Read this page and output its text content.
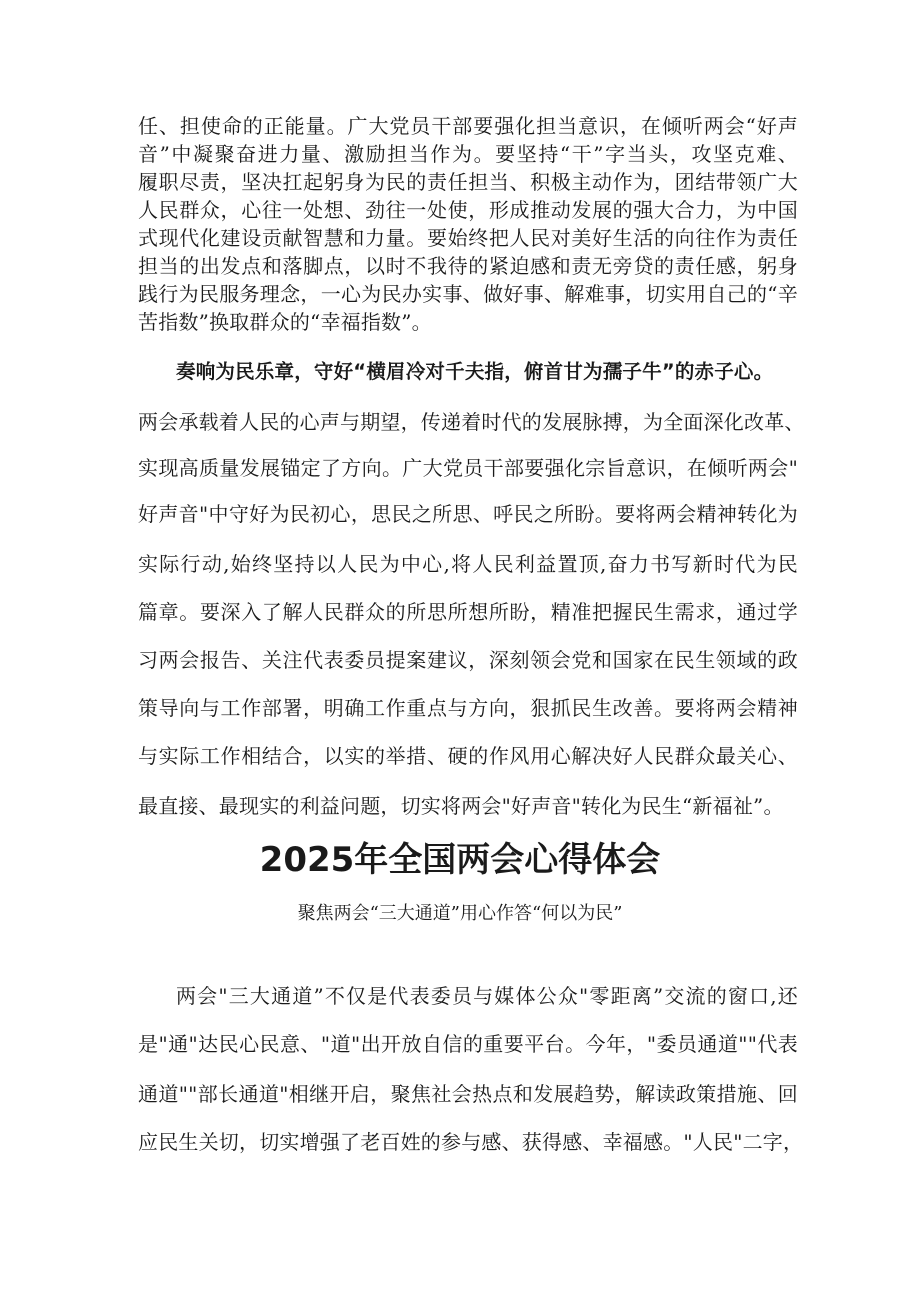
任、担使命的正能量。广大党员干部要强化担当意识，在倾听两会“好声
音”中凝聚奋进力量、激励担当作为。要坚持“干”字当头，攻坚克难、
履职尽责，坚决扛起躬身为民的责任担当、积极主动作为，团结带领广大
人民群众，心往一处想、劲往一处使，形成推动发展的强大合力，为中国
式现代化建设贡献智慧和力量。要始终把人民对美好生活的向往作为责任
担当的出发点和落脚点，以时不我待的紧迫感和责无旁贷的责任感，躬身
践行为民服务理念，一心为民办实事、做好事、解难事，切实用自己的“辛
苦指数”换取群众的“幸福指数”。
奏响为民乐章，守好“横眉冷对千夫指，俯首甘为孺子牛”的赤子心。
两会承载着人民的心声与期望，传递着时代的发展脉搏，为全面深化改革、
实现高质量发展锚定了方向。广大党员干部要强化宗旨意识，在倾听两会"
好声音"中守好为民初心，思民之所思、呼民之所盼。要将两会精神转化为
实际行动,始终坚持以人民为中心,将人民利益置顶,奋力书写新时代为民
篇章。要深入了解人民群众的所思所想所盼，精准把握民生需求，通过学
习两会报告、关注代表委员提案建议，深刻领会党和国家在民生领域的政
策导向与工作部署，明确工作重点与方向，狠抓民生改善。要将两会精神
与实际工作相结合，以实的举措、硬的作风用心解决好人民群众最关心、
最直接、最现实的利益问题，切实将两会"好声音"转化为民生“新福祉”。
2025年全国两会心得体会
聚焦两会“三大通道”用心作答“何以为民”
两会"三大通道”不仅是代表委员与媒体公众"零距离”交流的窗口,还
是"通"达民心民意、"道"出开放自信的重要平台。今年，"委员通道""代表
通道""部长通道"相继开启，聚焦社会热点和发展趋势，解读政策措施、回
应民生关切，切实增强了老百姓的参与感、获得感、幸福感。"人民"二字，
